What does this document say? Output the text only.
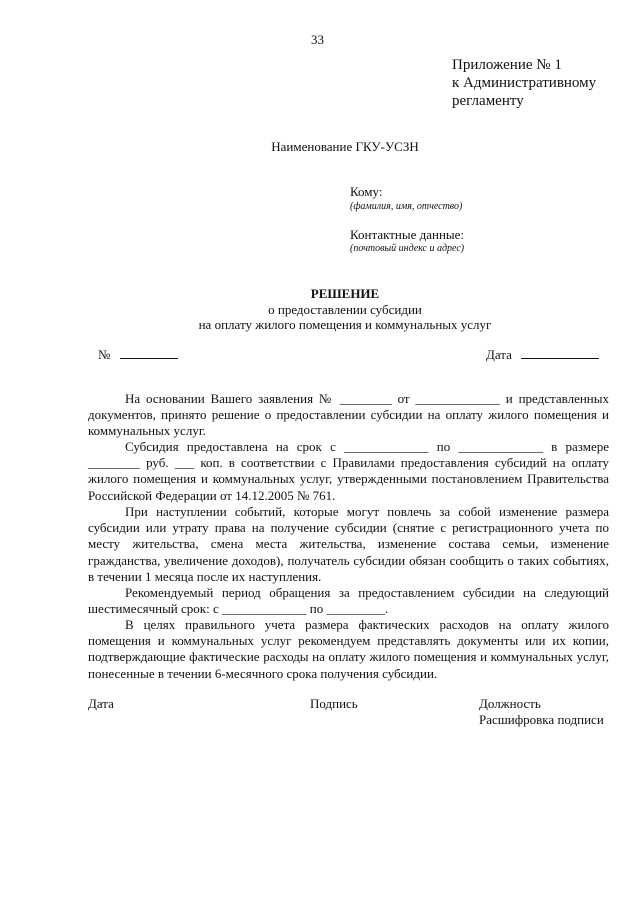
33
Приложение № 1
к Административному
регламенту
Наименование ГКУ-УСЗН
Кому:
(фамилия, имя, отчество)
Контактные данные:
(почтовый индекс и адрес)
РЕШЕНИЕ
о предоставлении субсидии
на оплату жилого помещения и коммунальных услуг
№	Дата

На основании Вашего заявления № ________ от _____________ и представленных документов, принято решение о предоставлении субсидии на оплату жилого помещения и коммунальных услуг.

Субсидия предоставлена на срок с _____________ по _____________ в размере ________ руб. ___ коп. в соответствии с Правилами предоставления субсидий на оплату жилого помещения и коммунальных услуг, утвержденными постановлением Правительства Российской Федерации от 14.12.2005 № 761.

При наступлении событий, которые могут повлечь за собой изменение размера субсидии или утрату права на получение субсидии (снятие с регистрационного учета по месту жительства, смена места жительства, изменение состава семьи, изменение гражданства, увеличение доходов), получатель субсидии обязан сообщить о таких событиях, в течении 1 месяца после их наступления.

Рекомендуемый период обращения за предоставлением субсидии на следующий шестимесячный срок: с _____________ по _________.

В целях правильного учета размера фактических расходов на оплату жилого помещения и коммунальных услуг рекомендуем представлять документы или их копии, подтверждающие фактические расходы на оплату жилого помещения и коммунальных услуг, понесенные в течении 6-месячного срока получения субсидии.

Дата	Подпись	Должность
Расшифровка подписи
